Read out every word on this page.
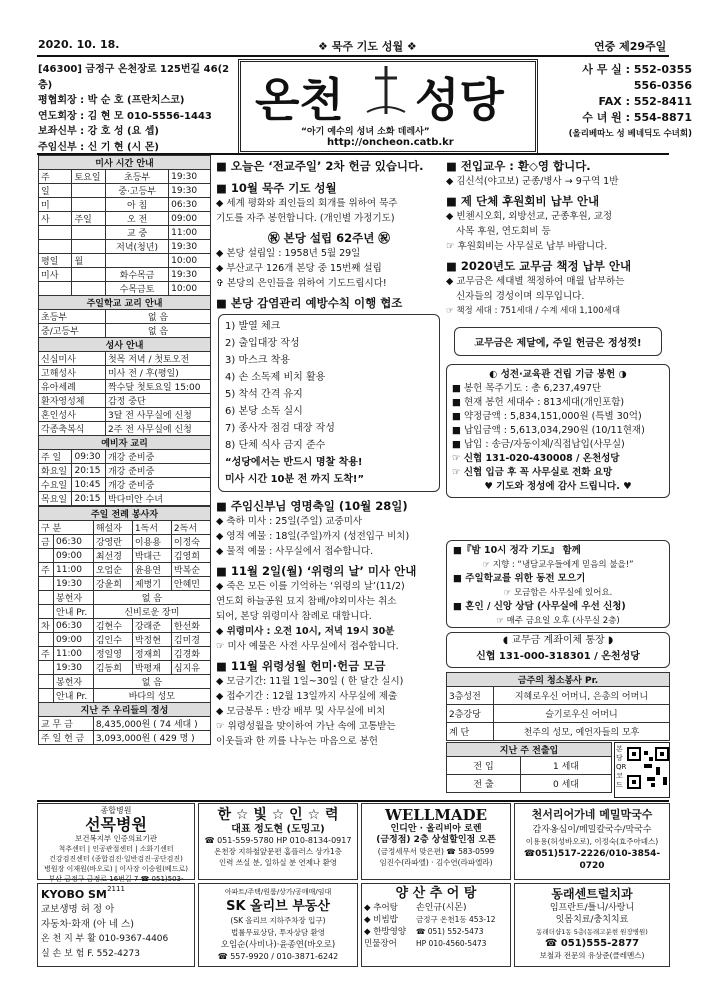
2020. 10. 18.	❖ 묵주 기도 성월 ❖	연중 제29주일
[46300] 금정구 온천장로 125번길 46(2층)
평협회장 : 박 순 호 (프란치스코)
연도회장 : 김 현 모 010-5556-1443
보좌신부 : 강 호 성 (요 셉)
주임신부 : 신 기 현 (시 몬)
온천 성당
“아기 예수의 성녀 소화 데레사”
http://oncheon.catb.kr
사 무 실 : 552-0355
556-0356
FAX : 552-8411
수 녀 원 : 554-8871
(올리베따노 성 베네딕도 수녀회)
미사 시간 안내			
주	토요일	초등부	19:30
일		중·고등부	19:30
미		아 침	06:30
사	주일	오 전	09:00
		교 중	11:00
		저녁(청년)	19:30
평일	월		10:00
미사		화수목금	19:30
		수목금토	10:00
주일학교 교리 안내			
초등부		없 음	
중/고등부		없 음	
성사 안내			
신심미사		첫목 저녁 / 첫토오전	
고해성사		미사 전 / 후(평일)	
유아세례		짝수달 첫토요일 15:00	
환자영성체		감정 중단	
혼인성사		3달 전 사무실에 신청	
각종축복식		2주 전 사무실에 신청	
예비자 교리			
주 일	09:30	개강 준비중	
화요일	20:15	개강 준비중	
수요일	10:45	개강 준비중	
목요일	20:15	박다미안 수녀	
주일 전례 봉사자				
구 분		해설자	1독서	2독서
금	06:30	강영란	이용용	이정숙
	09:00	최선경	박대근	김영희
주	11:00	오엄순	윤용연	박복순
	19:30	강윤희	제병기	안혜민
	봉헌자	없 음		
	안내 Pr.	신비로운 장미		
차	06:30	김현수	강래준	한선화
	09:00	김인수	박정현	김미경
주	11:00	정일영	정재희	김경화
	19:30	김동희	박평재	심지유
	봉헌자	없 음		
	안내 Pr.	바다의 성모		
지난 주 우리들의 정성				
교 무 금		8,435,000원 ( 74 세대 )		
주 일 헌 금		3,093,000원 ( 429 명 )		
■ 오늘은 ‘전교주일’ 2차 헌금 있습니다.
■ 10월 묵주 기도 성월
◆ 세계 평화와 죄인들의 회개를 위하여 묵주
기도를 자주 봉헌합니다. (개인별 가정기도)
㊗ 본당 설립 62주년 ㊗
◆ 본당 설립일 : 1958년 5월 29일
◆ 부산교구 126개 본당 중 15번째 설립
✞ 본당의 은인들을 위하여 기도드립시다!
■ 본당 감염관리 예방수칙 이행 협조
1) 발열 체크
2) 출입대장 작성
3) 마스크 착용
4) 손 소독제 비치 활용
5) 착석 간격 유지
6) 본당 소독 실시
7) 종사자 점검 대장 작성
8) 단체 식사 금지 준수
“성당에서는 반드시 명찰 착용!
미사 시간 10분 전 까지 도착!”
■ 주임신부님 영명축일 (10월 28일)
◆ 축하 미사 : 25일(주일) 교중미사
◆ 영적 예물 : 18일(주일)까지 (성전입구 비치)
◆ 물적 예물 : 사무실에서 접수합니다.
■ 11월 2일(월) ‘위령의 날’ 미사 안내
◆ 죽은 모든 이를 기억하는 ‘위령의 날’(11/2)
연도회 하늘공원 묘지 참배/야외미사는 취소
되어, 본당 위령미사 참례로 대합니다.
◆ 위령미사 : 오전 10시, 저녁 19시 30분
☞ 미사 예물은 사전 사무실에서 접수합니다.
■ 11월 위령성월 헌미·헌금 모금
◆ 모금기간: 11월 1일~30일 ( 한 달간 실시)
◆ 접수기간 : 12월 13일까지 사무실에 제출
◆ 모금봉투 : 반강 배부 및 사무실에 비치
☞ 위령성월을 맞이하여 가난 속에 고통받는
이웃들과 한 끼를 나누는 마음으로 봉헌
■ 전입교우 : 환◇영 합니다.
◆ 김신석(야고보) 군종/병사 → 9구역 1반
■ 제 단체 후원회비 납부 안내
◆ 빈첸시오회, 외방선교, 군종후원, 교정
사목 후원, 연도회비 등
☞ 후원회비는 사무실로 납부 바랍니다.
■ 2020년도 교무금 책정 납부 안내
◆ 교무금은 세대별 책정하여 매월 납부하는
신자들의 경성이며 의무입니다.
☞ 책정 세대 : 751세대 / 수계 세대 1,100세대
교무금은 제달에, 주일 헌금은 정성껏!
◐ 성전·교육관 건립 기금 봉헌 ◑
■ 봉헌 목주기도 : 총 6,237,497단
■ 현재 봉헌 세대수 : 813세대(개인포함)
■ 약정금액 : 5,834,151,000원 (특별 30억)
■ 납입금액 : 5,613,034,290원 (10/11현재)
■ 납입 : 송금/자동이체/직접납입(사무실)
☞ 신협 131-020-430008 / 온천성당
☞ 신협 입금 후 꼭 사무실로 전화 요망
♥ 기도와 정성에 감사 드립니다. ♥
■『밤 10시 정각 기도』 함께
☞ 지향 : “냉담교우들에게 믿음의 불을!”
■ 주일학교를 위한 동전 모으기
☞ 모금함은 사무실에 있어요.
■ 혼인 / 신앙 상담 (사무실에 우선 신청)
☞ 매주 금요일 오후 (사무실 2층)
◖ 교무금 계좌이체 통장 ◗
신협 131-000-318301 / 온천성당
금주의 청소봉사 Pr.	
3층성전	지혜로우신 어머니, 은총의 어머니
2층강당	슬기로우신 어머니
계 단	천주의 성모, 예언자들의 모후
지난 주 전출입	
전 입	1 세대
전 출	0 세대
본당 QR 코드
종합병원
선목병원
보건복지부 인증의료기관
척추센터 | 인공관절센터 | 소화기센터
건강검진센터 (종합검진·일반검진·공단검진)
병원장 이재원(바오로) | 이사장 이승원(베드로)
부산 금정구 금정로 16번길 7 ☎ 051)503-2111
한 ☆ 빛 ☆ 인 ☆ 력
대표 정도현 (도밍고)
☎ 051-559-5780 HP 010-8134-0917
온천장 지하철앞문편 홈플러스 상가1층
인력 쓰실 분, 일하실 분 연제나 환영
WELLMADE
인디안 · 올리비아 로렌
(금정점) 2층 상설할인점 오픈
(금정세무서 맞은편) ☎ 583-0599
임진수(라파엘) · 김수연(라파엘라)
천서리어가네 메밀막국수
감자옹심이/메밀칼국수/막국수
이용용(허성바오로), 이정숙(효주아녜스)
☎051)517-2226/010-3854-0720
KYOBO SM
교보생명 허 정 아
자동차·화재 (아 네 스)
온 천 지 부 활 010-9367-4406
실 손 보 험 F. 552-4273
아파트/주택/원룸/상가/공매매/임대
SK 올리브 부동산
(SK 올리브 지하주차장 입구)
법률무료상담, 투자상담 환영
오임순(사비나)·윤종연(바오로)
☎ 557-9920 / 010-3871-6242
양 산 추 어 탕
◆ 추어탕
◆ 비빔밥
◆ 한방영양
민물장어
손인규(시몬)
금정구 온천1동 453-12
☎ 051) 552-5473
HP 010-4560-5473
동래센트럴치과
임프란트/틀니/사랑니
잇몸치료/충치치료
동래더샵1동 5층(동래고분현 원장병원)
☎ 051)555-2877
보철과 전문의 유상준(클레멘스)
